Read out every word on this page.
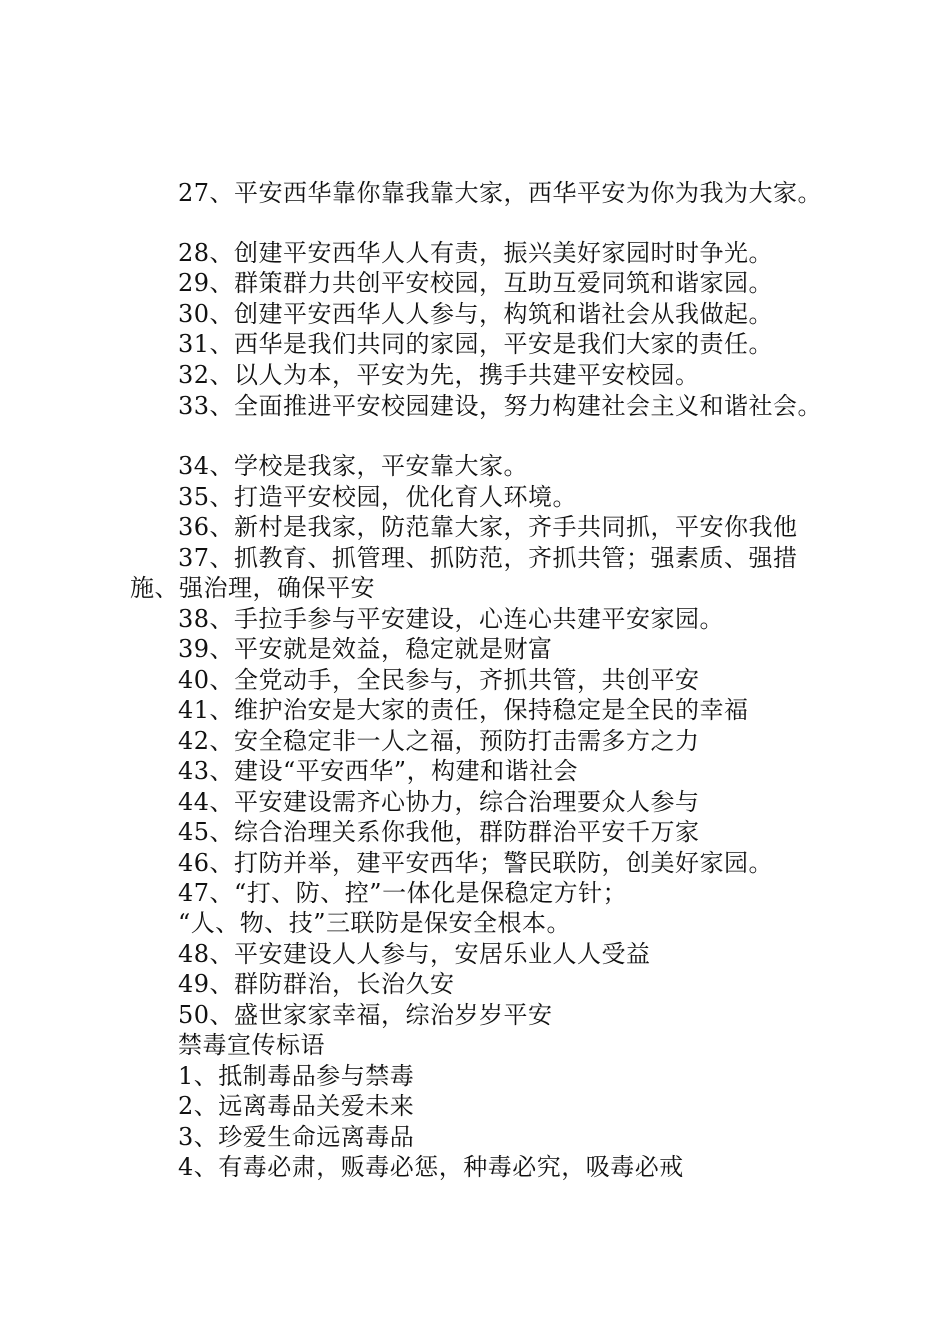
27、平安西华靠你靠我靠大家，西华平安为你为我为大家。
28、创建平安西华人人有责，振兴美好家园时时争光。
29、群策群力共创平安校园，互助互爱同筑和谐家园。
30、创建平安西华人人参与，构筑和谐社会从我做起。
31、西华是我们共同的家园，平安是我们大家的责任。
32、以人为本，平安为先，携手共建平安校园。
33、全面推进平安校园建设，努力构建社会主义和谐社会。
34、学校是我家，平安靠大家。
35、打造平安校园，优化育人环境。
36、新村是我家，防范靠大家，齐手共同抓，平安你我他
37、抓教育、抓管理、抓防范，齐抓共管；强素质、强措
施、强治理，确保平安
38、手拉手参与平安建设，心连心共建平安家园。
39、平安就是效益，稳定就是财富
40、全党动手，全民参与，齐抓共管，共创平安
41、维护治安是大家的责任，保持稳定是全民的幸福
42、安全稳定非一人之福，预防打击需多方之力
43、建设“平安西华”，构建和谐社会
44、平安建设需齐心协力，综合治理要众人参与
45、综合治理关系你我他，群防群治平安千万家
46、打防并举，建平安西华；警民联防，创美好家园。
47、“打、防、控”一体化是保稳定方针；
“人、物、技”三联防是保安全根本。
48、平安建设人人参与，安居乐业人人受益
49、群防群治，长治久安
50、盛世家家幸福，综治岁岁平安
禁毒宣传标语
1、抵制毒品参与禁毒
2、远离毒品关爱未来
3、珍爱生命远离毒品
4、有毒必肃，贩毒必惩，种毒必究，吸毒必戒
